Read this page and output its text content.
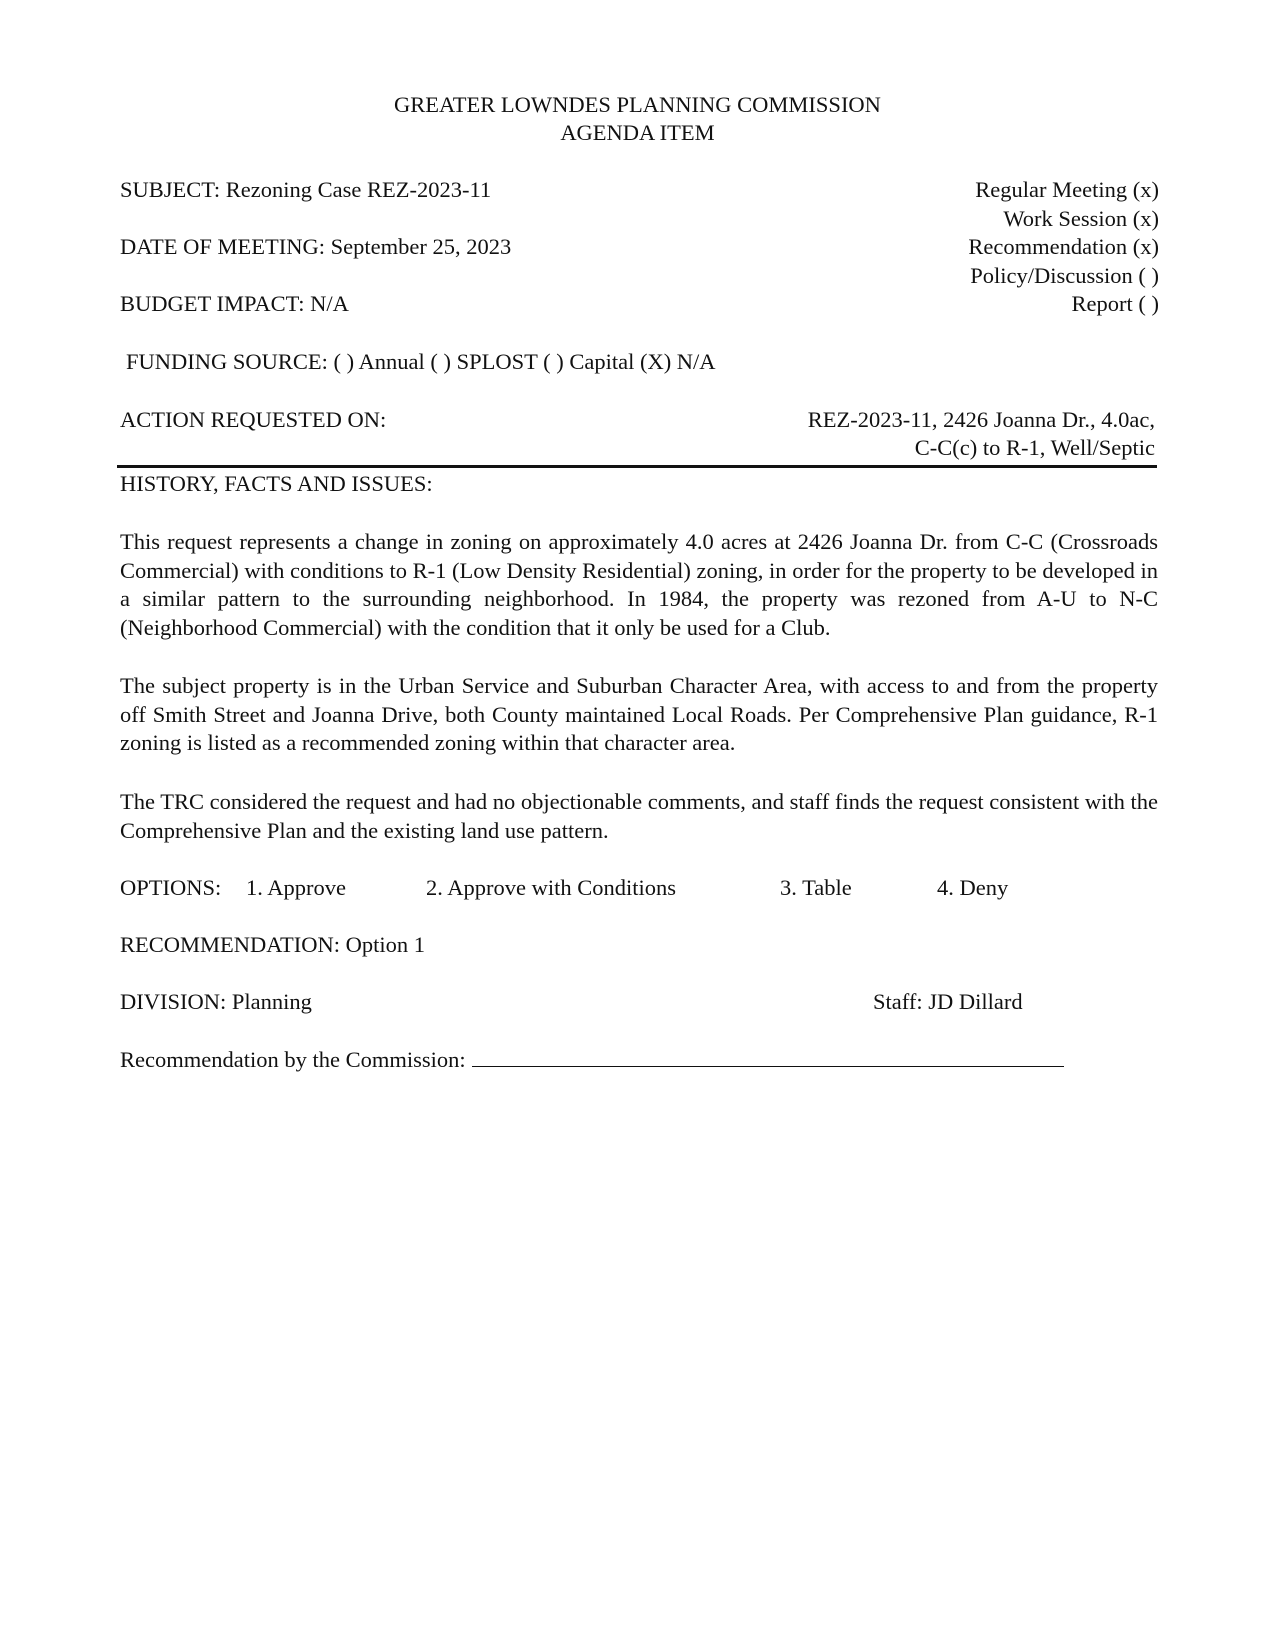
GREATER LOWNDES PLANNING COMMISSION
AGENDA ITEM
SUBJECT: Rezoning Case REZ-2023-11
DATE OF MEETING: September 25, 2023
BUDGET IMPACT: N/A
Regular Meeting (x)
Work Session (x)
Recommendation (x)
Policy/Discussion ( )
Report ( )
FUNDING SOURCE: ( ) Annual ( ) SPLOST ( ) Capital (X) N/A
ACTION REQUESTED ON:	REZ-2023-11, 2426 Joanna Dr., 4.0ac,
C-C(c) to R-1, Well/Septic
HISTORY, FACTS AND ISSUES:
This request represents a change in zoning on approximately 4.0 acres at 2426 Joanna Dr. from C-C (Crossroads Commercial) with conditions to R-1 (Low Density Residential) zoning, in order for the property to be developed in a similar pattern to the surrounding neighborhood. In 1984, the property was rezoned from A-U to N-C (Neighborhood Commercial) with the condition that it only be used for a Club.
The subject property is in the Urban Service and Suburban Character Area, with access to and from the property off Smith Street and Joanna Drive, both County maintained Local Roads. Per Comprehensive Plan guidance, R-1 zoning is listed as a recommended zoning within that character area.
The TRC considered the request and had no objectionable comments, and staff finds the request consistent with the Comprehensive Plan and the existing land use pattern.
OPTIONS: 1. Approve	2. Approve with Conditions	3. Table	4. Deny
RECOMMENDATION: Option 1
DIVISION: Planning	Staff: JD Dillard
Recommendation by the Commission:
